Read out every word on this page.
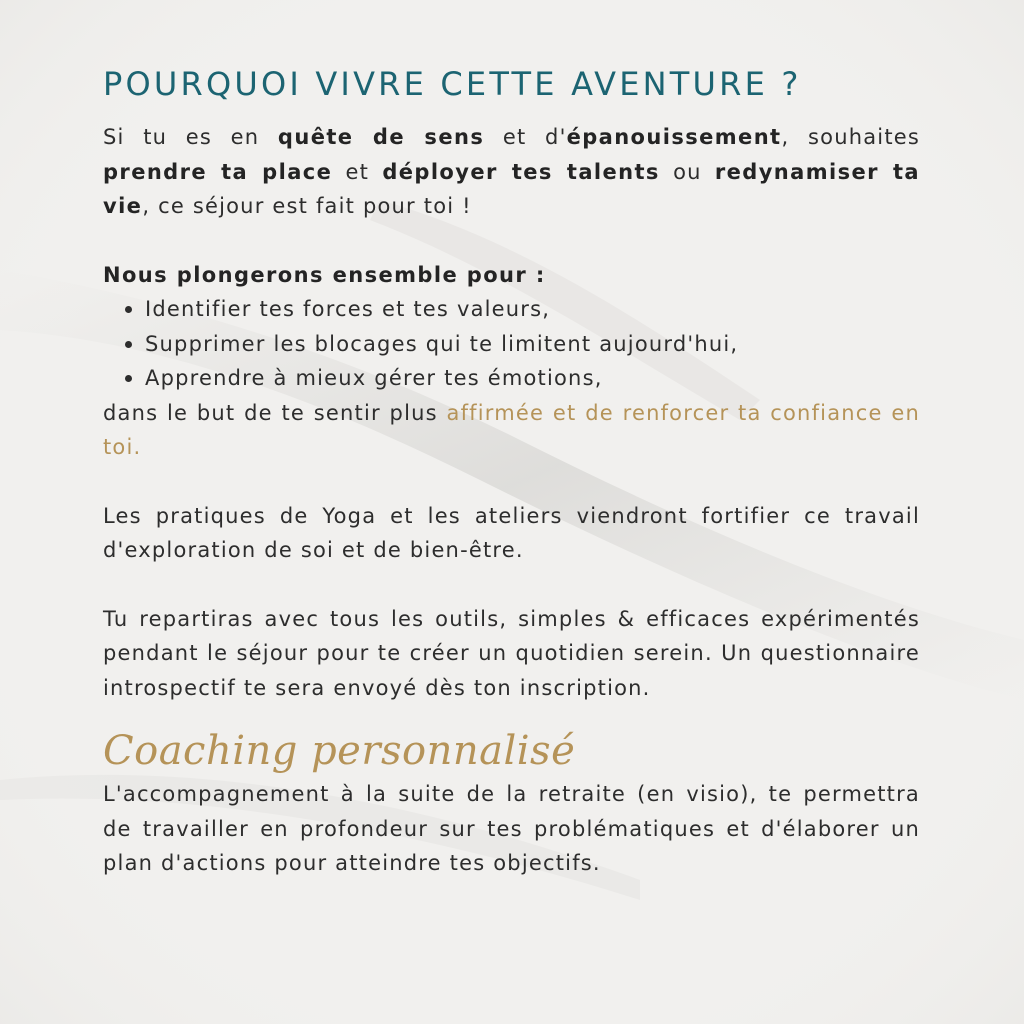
POURQUOI VIVRE CETTE AVENTURE ?

Si tu es en quête de sens et d'épanouissement, souhaites prendre ta place et déployer tes talents ou redynamiser ta vie, ce séjour est fait pour toi !

Nous plongerons ensemble pour :

Identifier tes forces et tes valeurs,
Supprimer les blocages qui te limitent aujourd'hui,
Apprendre à mieux gérer tes émotions,

dans le but de te sentir plus affirmée et de renforcer ta confiance en toi.

Les pratiques de Yoga et les ateliers viendront fortifier ce travail d'exploration de soi et de bien-être.

Tu repartiras avec tous les outils, simples & efficaces expérimentés pendant le séjour pour te créer un quotidien serein. Un questionnaire introspectif te sera envoyé dès ton inscription.

Coaching personnalisé

L'accompagnement à la suite de la retraite (en visio), te permettra de travailler en profondeur sur tes problématiques et d'élaborer un plan d'actions pour atteindre tes objectifs.
